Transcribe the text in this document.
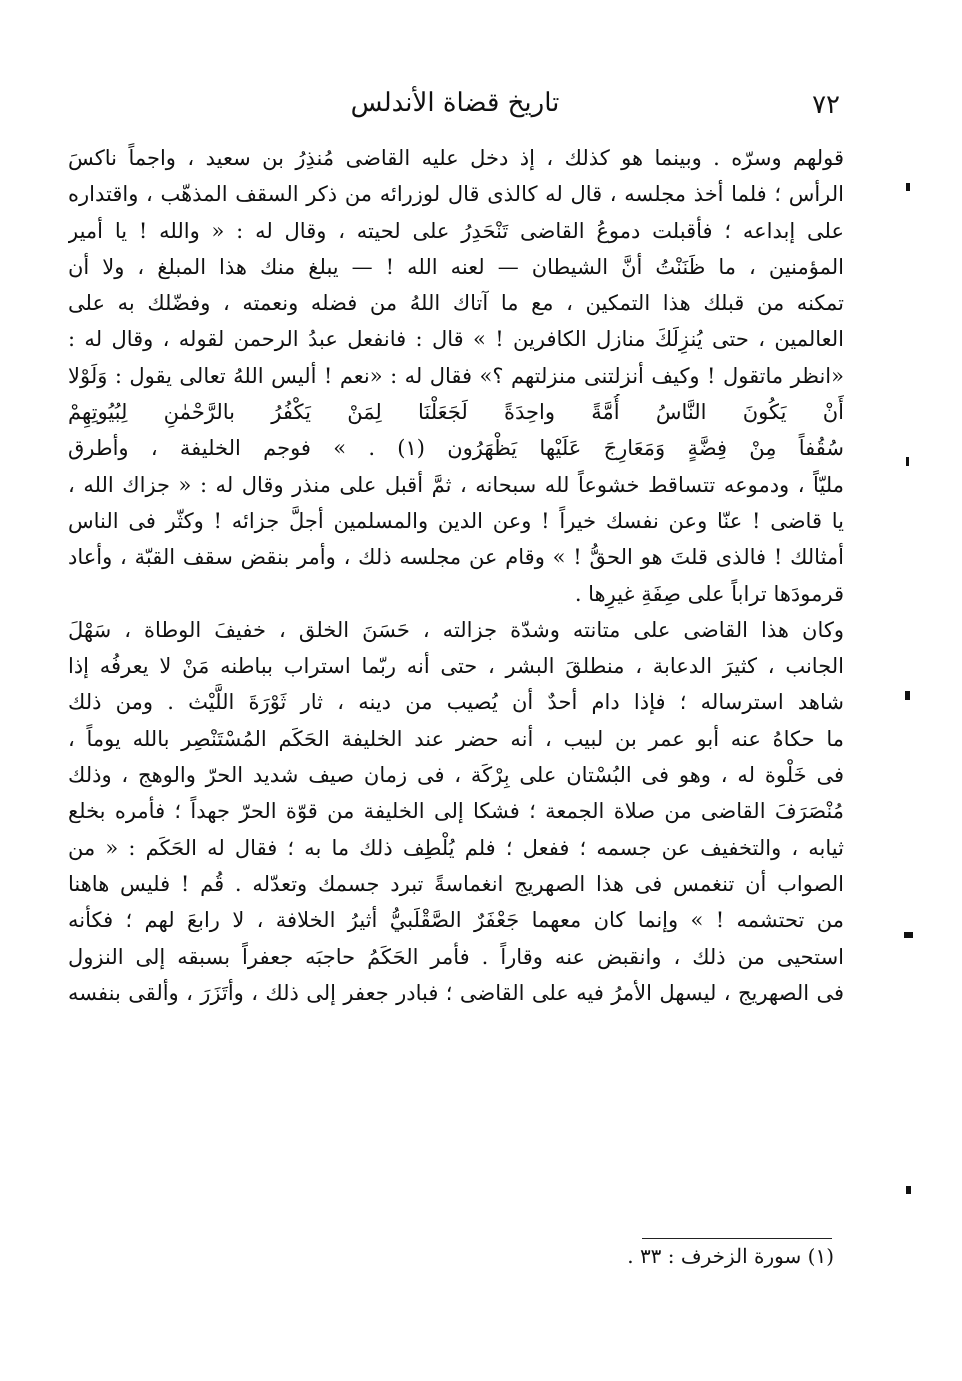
٧٢
تاريخ قضاة الأندلس
قولهم وسرّه . وبينما هو كذلك ، إذ دخل عليه القاضى مُنذِرُ بن سعيد ، واجماً ناكسَ
الرأس ؛ فلما أخذ مجلسه ، قال له كالذى قال لوزرائه من ذكر السقف المذهّب ، واقتداره
على إبداعه ؛ فأقبلت دموعُ القاضى تَنْحَدِرُ على لحيته ، وقال له : « والله ! يا أمير
المؤمنين ، ما ظَنَنْتُ أنَّ الشيطان — لعنه الله ! — يبلغ منك هذا المبلغ ، ولا أن
تمكنه من قبلك هذا التمكين ، مع ما آتاك اللهُ من فضله ونعمته ، وفضّلك به على
العالمين ، حتى يُنزِلَكَ منازل الكافرين ! » قال : فانفعل عبدُ الرحمن لقوله ، وقال له :
«انظر ماتقول ! وكيف أنزلتنى منزلتهم ؟» فقال له : «نعم ! أليس اللهُ تعالى يقول : وَلَوْلا
أَنْ يَكُونَ النَّاسُ أُمَّةً واحِدَةً لَجَعَلْنَا لِمَنْ يَكْفُرُ بالرَّحْمٰنِ لِبُيُوتِهِمْ
سُقُفاً مِنْ فِضَّةٍ وَمَعَارِجَ عَلَيْها يَظْهَرُون (١) . » فوجم الخليفة ، وأطرق
مليّاً ، ودموعه تتساقط خشوعاً لله سبحانه ، ثمَّ أقبل على منذر وقال له : « جزاك الله ،
يا قاضى ! عنّا وعن نفسك خيراً ! وعن الدين والمسلمين أجلَّ جزائه ! وكثّر فى الناس
أمثالك ! فالذى قلتَ هو الحقُّ ! » وقام عن مجلسه ذلك ، وأمر بنقض سقف القبّة ، وأعاد
قرمودَها تراباً على صِفَةِ غيرِها .
وكان هذا القاضى على متانته وشدّة جزالته ، حَسَنَ الخلق ، خفيفَ الوطاة ، سَهْلَ
الجانب ، كثيرَ الدعابة ، منطلقَ البشر ، حتى أنه ربّما استراب بباطنه مَنْ لا يعرفُه إذا
شاهد استرساله ؛ فإذا دام أحدٌ أن يُصيب من دينه ، ثار ثَوْرَةَ اللَّيْث . ومن ذلك
ما حكاهُ عنه أبو عمر بن لبيب ، أنه حضر عند الخليفة الحَكَم المُسْتَنْصِر بالله يوماً ،
فى خَلْوة له ، وهو فى البُسْتان على بِرْكَة ، فى زمان صيف شديد الحرّ والوهج ، وذلك
مُنْصَرَفَ القاضى من صلاة الجمعة ؛ فشكا إلى الخليفة من قوّة الحرّ جهداً ؛ فأمره بخلع
ثيابه ، والتخفيف عن جسمه ؛ ففعل ؛ فلم يُلْطِف ذلك ما به ؛ فقال له الحَكَم : « من
الصواب أن تنغمس فى هذا الصهريج انغماسةً تبرد جسمك وتعدّله . قُم ! فليس هاهنا
من تحتشمه ! » وإنما كان معهما جَعْفَرٌ الصَّقْلَبيُّ أثيرُ الخلافة ، لا رابعَ لهم ؛ فكأنه
استحيى من ذلك ، وانقبض عنه وقاراً . فأمر الحَكَمُ حاجبَه جعفراً بسبقه إلى النزول
فى الصهريج ، ليسهل الأمرُ فيه على القاضى ؛ فبادر جعفر إلى ذلك ، وأتَزَرَ ، وألقى بنفسه
(١) سورة الزخرف : ٣٣ .
